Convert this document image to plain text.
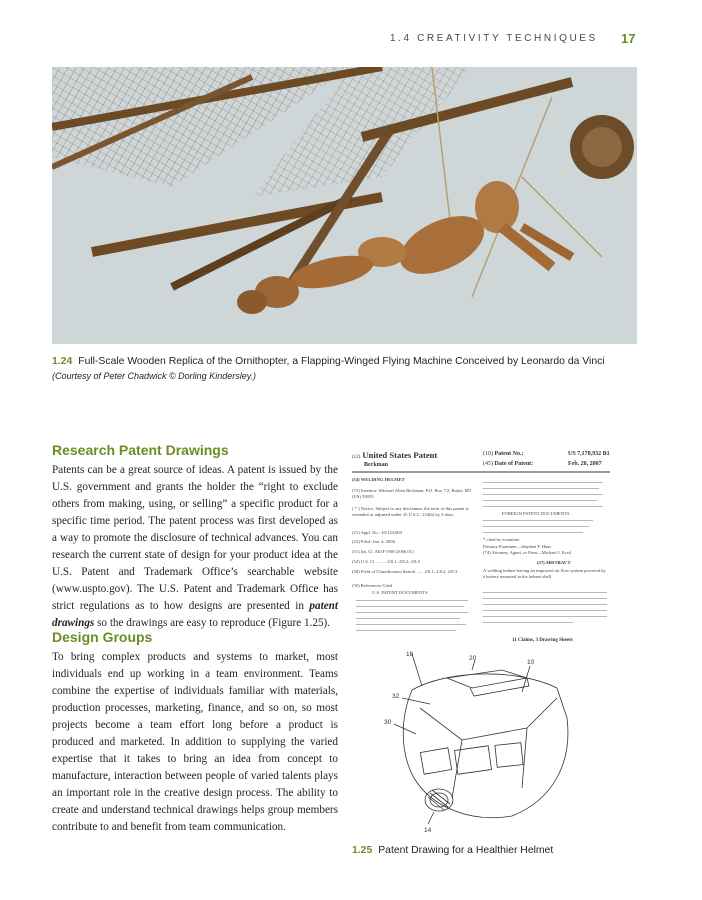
1.4 CREATIVITY TECHNIQUES	17
1.24 Full-Scale Wooden Replica of the Ornithopter, a Flapping-Winged Flying Machine Conceived by Leonardo da Vinci (Courtesy of Peter Chadwick © Dorling Kindersley.)
Research Patent Drawings
Patents can be a great source of ideas. A patent is issued by the U.S. government and grants the holder the “right to exclude others from making, using, or selling” a specific product for a specific time period. The patent process was first developed as a way to promote the disclosure of technical advances. You can research the current state of design for your product idea at the U.S. Patent and Trademark Office’s searchable website (www.uspto.gov). The U.S. Patent and Trademark Office has strict regulations as to how designs are presented in patent drawings so the drawings are easy to reproduce (Figure 1.25).
Design Groups
To bring complex products and systems to market, most individuals end up working in a team environment. Teams combine the expertise of individuals familiar with materials, production processes, marketing, finance, and so on, so most projects become a team effort long before a product is produced and marketed. In addition to supplying the varied expertise that it takes to bring an idea from concept to manufacture, interaction between people of varied talents plays an important role in the creative design process. The ability to create and understand technical drawings helps group members contribute to and benefit from team communication.
(12) United States Patent
Beckman
(10) Patent No.:	US 7,178,932 B1
(45) Date of Patent:	Feb. 20, 2007
(54) WELDING HELMET
(75) Inventor: Michael Allen Beckman, P.O. Box 7/2, Baker, MT (US) 59055
( * ) Notice: Subject to any disclaimer, the term of this patent is extended or adjusted under 35 U.S.C. 154(b) by 3 days.
(21) Appl. No.: 10/124,863
(22) Filed: Jan. 4, 2006
(51) Int. Cl. A61F 9/06 (2006.01)
(52) U.S. Cl. ........ 2/8.1; 2/8.2; 2/8.3
(58) Field of Classification Search ...... 2/8.1, 2/8.2, 2/8.3
(56) References Cited
U.S. PATENT DOCUMENTS
FOREIGN PATENT DOCUMENTS
* cited by examiner
Primary Examiner—Stephen F. Haas
(74) Attorney, Agent, or Firm—Michael J. Kool
(57) ABSTRACT
A welding helmet having an improved air flow system powered by a battery mounted in the helmet shell.
11 Claims, 3 Drawing Sheets
16
20
10
32
30
14
1.25 Patent Drawing for a Healthier Helmet
